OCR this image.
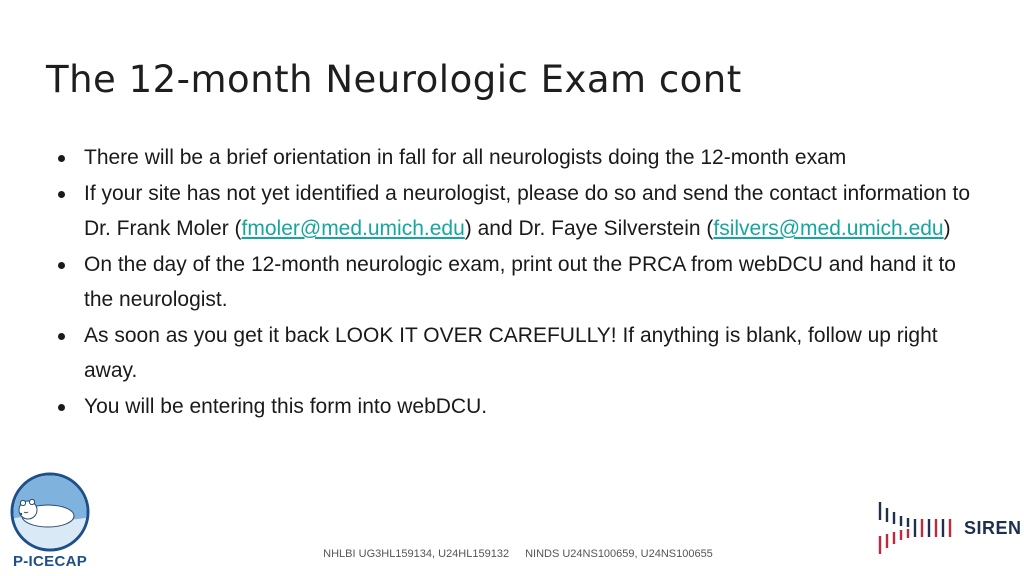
The 12-month Neurologic Exam cont
There will be a brief orientation in fall for all neurologists doing the 12-month exam
If your site has not yet identified a neurologist, please do so and send the contact information to Dr. Frank Moler (fmoler@med.umich.edu) and Dr. Faye Silverstein (fsilvers@med.umich.edu)
On the day of the 12-month neurologic exam, print out the PRCA from webDCU and hand it to the neurologist.
As soon as you get it back LOOK IT OVER CAREFULLY! If anything is blank, follow up right away.
You will be entering this form into webDCU.
P-ICECAP	NHLBI UG3HL159134, U24HL159132 NINDS U24NS100659, U24NS100655
SIREN
